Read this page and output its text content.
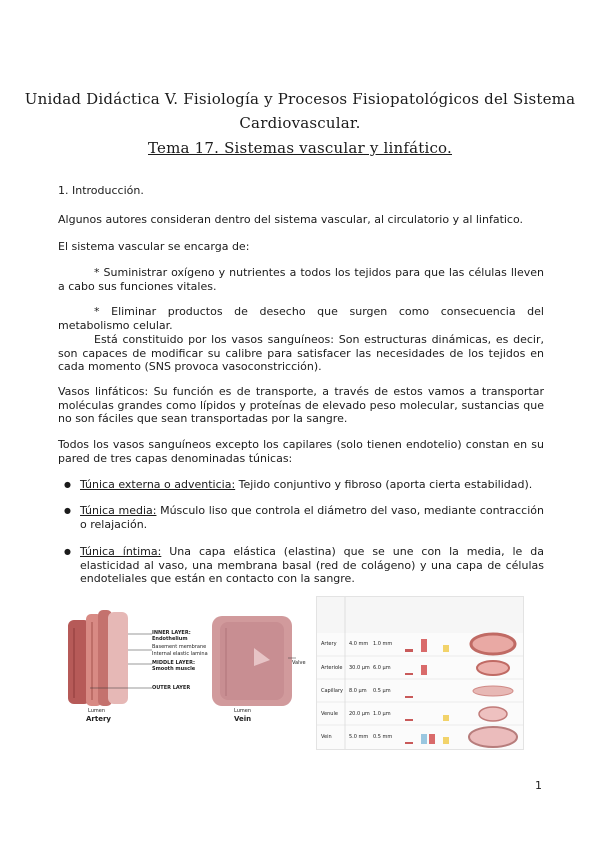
Unidad Didáctica V. Fisiología y Procesos Fisiopatológicos del Sistema
Cardiovascular.
Tema 17. Sistemas vascular y linfático.
1. Introducción.
Algunos autores consideran dentro del sistema vascular, al circulatorio y al linfatico.
El sistema vascular se encarga de:
* Suministrar oxígeno y nutrientes a todos los tejidos para que las células lleven a cabo sus funciones vitales.
* Eliminar productos de desecho que surgen como consecuencia del metabolismo celular.
Está constituido por los vasos sanguíneos: Son estructuras dinámicas, es decir, son capaces de modificar su calibre para satisfacer las necesidades de los tejidos en cada momento (SNS provoca vasoconstricción).
Vasos linfáticos: Su función es de transporte, a través de estos vamos a transportar moléculas grandes como lípidos y proteínas de elevado peso molecular, sustancias que no son fáciles que sean transportadas por la sangre.
Todos los vasos sanguíneos excepto los capilares (solo tienen endotelio) constan en su pared de tres capas denominadas túnicas:
● Túnica externa o adventicia: Tejido conjuntivo y fibroso (aporta cierta estabilidad).
● Túnica media: Músculo liso que controla el diámetro del vaso, mediante contracción o relajación.
● Túnica íntima: Una capa elástica (elastina) que se une con la media, le da elasticidad al vaso, una membrana basal (red de colágeno) y una capa de células endoteliales que están en contacto con la sangre.
INNER LAYER: Endothelium
Basement membrane
Internal elastic lamina
MIDDLE LAYER: Smooth muscle
OUTER LAYER
Valve
Lumen	Lumen
Artery	Vein
Artery 4.0 mm 1.0 mm
Arteriole 30.0 µm 6.0 µm
Capillary 8.0 µm 0.5 µm
Venule 20.0 µm 1.0 µm
Vein	5.0 mm 0.5 mm
1
